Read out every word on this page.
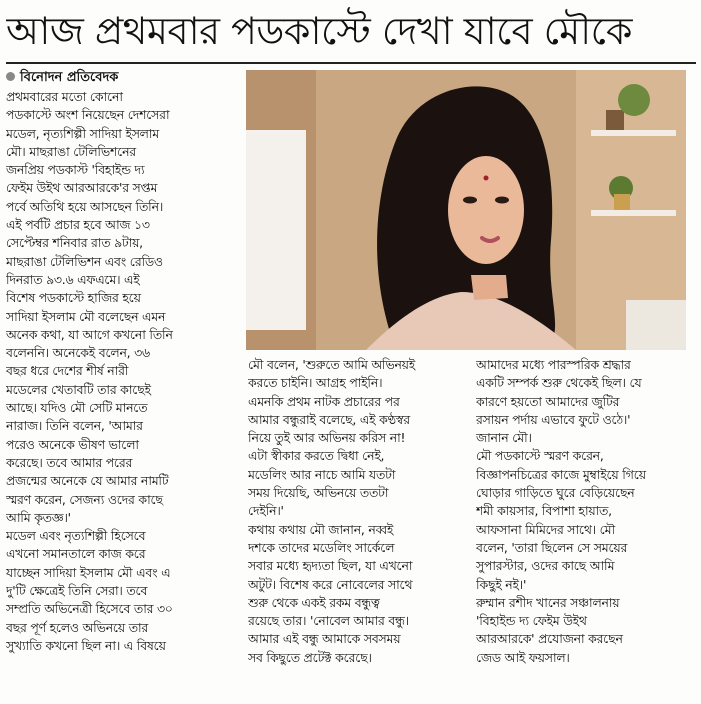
আজ প্রথমবার পডকাস্টে দেখা যাবে মৌকে
বিনোদন প্রতিবেদক
প্রথমবারের মতো কোনো
পডকাস্টে অংশ নিয়েছেন দেশসেরা
মডেল, নৃত্যশিল্পী সাদিয়া ইসলাম
মৌ। মাছরাঙা টেলিভিশনের
জনপ্রিয় পডকাস্ট 'বিহাইন্ড দ্য
ফেইম উইথ আরআরকে'র সপ্তম
পর্বে অতিথি হয়ে আসছেন তিনি।
এই পর্বটি প্রচার হবে আজ ১৩
সেপ্টেম্বর শনিবার রাত ৯টায়,
মাছরাঙা টেলিভিশন এবং রেডিও
দিনরাত ৯৩.৬ এফএমে। এই
বিশেষ পডকাস্টে হাজির হয়ে
সাদিয়া ইসলাম মৌ বলেছেন এমন
অনেক কথা, যা আগে কখনো তিনি
বলেননি। অনেকেই বলেন, ৩৬
বছর ধরে দেশের শীর্ষ নারী
মডেলের খেতাবটি তার কাছেই
আছে। যদিও মৌ সেটি মানতে
নারাজ। তিনি বলেন, 'আমার
পরেও অনেকে ভীষণ ভালো
করেছে। তবে আমার পরের
প্রজন্মের অনেকে যে আমার নামটি
স্মরণ করেন, সেজন্য ওদের কাছে
আমি কৃতজ্ঞ।'
মডেল এবং নৃত্যশিল্পী হিসেবে
এখনো সমানতালে কাজ করে
যাচ্ছেন সাদিয়া ইসলাম মৌ এবং এ
দু'টি ক্ষেত্রেই তিনি সেরা। তবে
সম্প্রতি অভিনেত্রী হিসেবে তার ৩০
বছর পূর্ণ হলেও অভিনয়ে তার
সুখ্যাতি কখনো ছিল না। এ বিষয়ে
মৌ বলেন, 'শুরুতে আমি অভিনয়ই
করতে চাইনি। আগ্রহ পাইনি।
এমনকি প্রথম নাটক প্রচারের পর
আমার বন্ধুরাই বলেছে, এই কণ্ঠস্বর
নিয়ে তুই আর অভিনয় করিস না!
এটা স্বীকার করতে দ্বিধা নেই,
মডেলিং আর নাচে আমি যতটা
সময় দিয়েছি, অভিনয়ে ততটা
দেইনি।'
কথায় কথায় মৌ জানান, নব্বই
দশকে তাদের মডেলিং সার্কেলে
সবার মধ্যে হৃদ্যতা ছিল, যা এখনো
অটুট। বিশেষ করে নোবেলের সাথে
শুরু থেকে একই রকম বন্ধুত্ব
রয়েছে তার। 'নোবেল আমার বন্ধু।
আমার এই বন্ধু আমাকে সবসময়
সব কিছুতে প্রটেক্ট করেছে।
আমাদের মধ্যে পারস্পরিক শ্রদ্ধার
একটি সম্পর্ক শুরু থেকেই ছিল। যে
কারণে হয়তো আমাদের জুটির
রসায়ন পর্দায় এভাবে ফুটে ওঠে।'
জানান মৌ।
মৌ পডকাস্টে স্মরণ করেন,
বিজ্ঞাপনচিত্রের কাজে মুম্বাইয়ে গিয়ে
ঘোড়ার গাড়িতে ঘুরে বেড়িয়েছেন
শমী কায়সার, বিপাশা হায়াত,
আফসানা মিমিদের সাথে। মৌ
বলেন, 'তারা ছিলেন সে সময়ের
সুপারস্টার, ওদের কাছে আমি
কিছুই নই।'
রুম্মান রশীদ খানের সঞ্চালনায়
'বিহাইন্ড দ্য ফেইম উইথ
আরআরকে' প্রযোজনা করছেন
জেড আই ফয়সাল।
